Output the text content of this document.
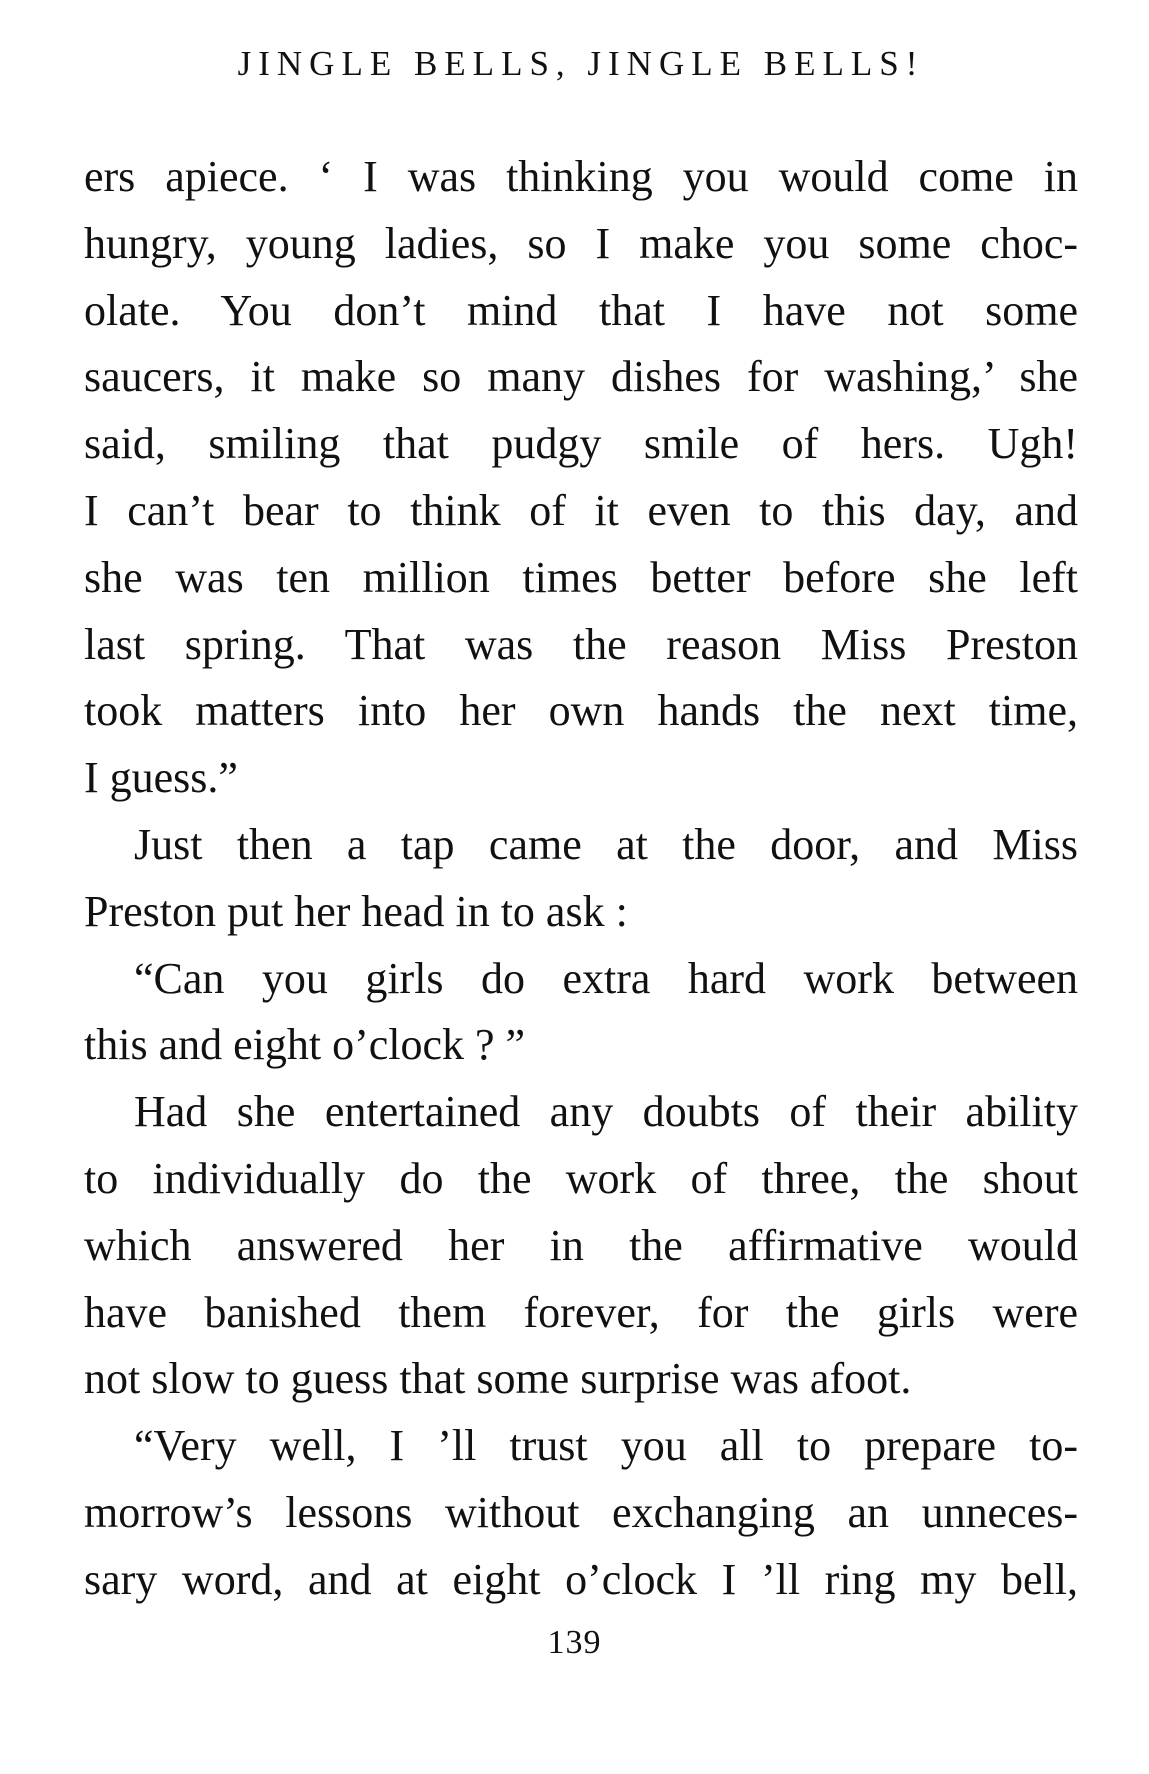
JINGLE BELLS, JINGLE BELLS!
ers apiece. ‘ I was thinking you would come in
hungry, young ladies, so I make you some choc-
olate. You don’t mind that I have not some
saucers, it make so many dishes for washing,’ she
said, smiling that pudgy smile of hers. Ugh!
I can’t bear to think of it even to this day, and
she was ten million times better before she left
last spring. That was the reason Miss Preston
took matters into her own hands the next time,
I guess.”
Just then a tap came at the door, and Miss
Preston put her head in to ask :
“Can you girls do extra hard work between
this and eight o’clock ? ”
Had she entertained any doubts of their ability
to individually do the work of three, the shout
which answered her in the affirmative would
have banished them forever, for the girls were
not slow to guess that some surprise was afoot.
“Very well, I ’ll trust you all to prepare to-
morrow’s lessons without exchanging an unneces-
sary word, and at eight o’clock I ’ll ring my bell,
139
